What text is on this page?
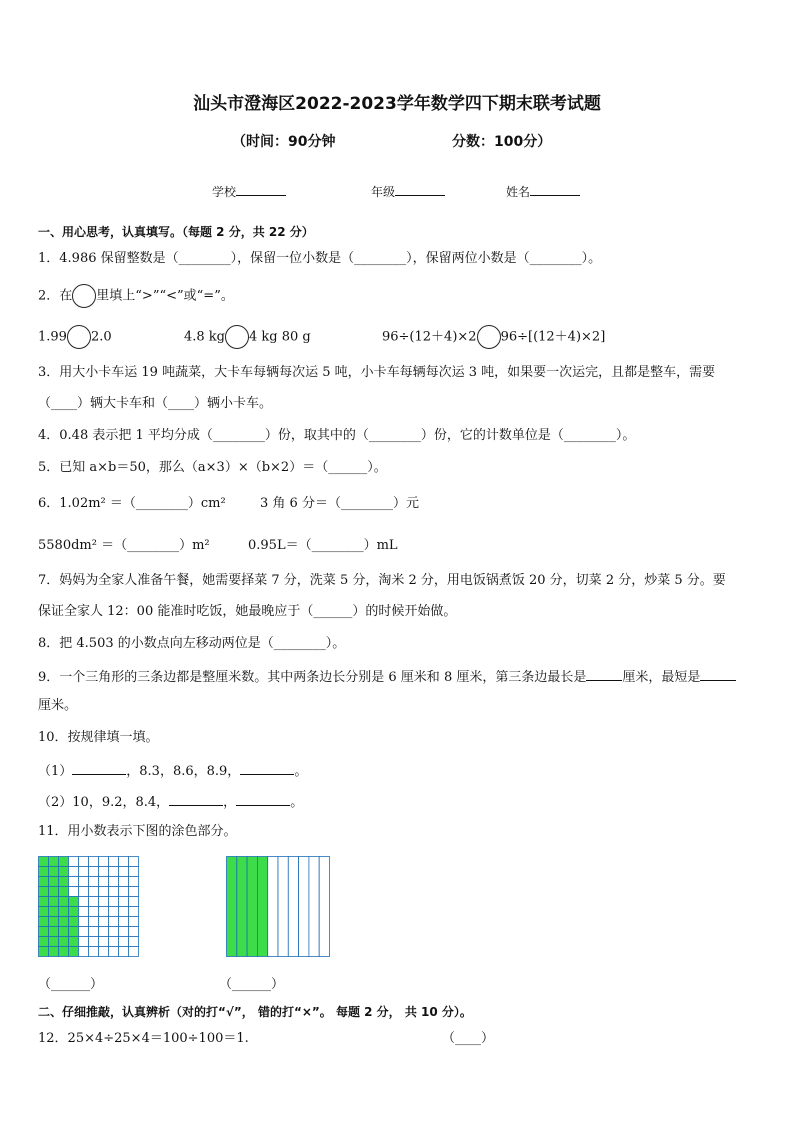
汕头市澄海区2022-2023学年数学四下期末联考试题
（时间：90分钟	分数：100分）
学校	年级	姓名
一、用心思考，认真填写。（每题 2 分，共 22 分）
1．4.986 保留整数是（________），保留一位小数是（________），保留两位小数是（________）。
2．在 里填上“>”“<”或“=”。
1.99 2.0	4.8 kg 4 kg 80 g	96÷(12＋4)×2 96÷[(12＋4)×2]
3．用大小卡车运 19 吨蔬菜，大卡车每辆每次运 5 吨，小卡车每辆每次运 3 吨，如果要一次运完，且都是整车，需要
（____）辆大卡车和（____）辆小卡车。
4．0.48 表示把 1 平均分成（________）份，取其中的（________）份，它的计数单位是（________）。
5．已知 a×b＝50，那么（a×3）×（b×2）＝（______）。
6．1.02m² ＝（________）cm²	3 角 6 分＝（________）元
5580dm² ＝（________）m²	0.95L＝（________）mL
7．妈妈为全家人准备午餐，她需要择菜 7 分，洗菜 5 分，淘米 2 分，用电饭锅煮饭 20 分，切菜 2 分，炒菜 5 分。要
保证全家人 12：00 能准时吃饭，她最晚应于（______）的时候开始做。
8．把 4.503 的小数点向左移动两位是（________）。
9．一个三角形的三条边都是整厘米数。其中两条边长分别是 6 厘米和 8 厘米，第三条边最长是	厘米，最短是
厘米。
10．按规律填一填。
（1）	，8.3，8.6，8.9，	。
（2）10，9.2，8.4，	，	。
11．用小数表示下图的涂色部分。
（______）	（______）
二、仔细推敲，认真辨析（对的打“√”， 错的打“×”。 每题 2 分， 共 10 分）。
12．25×4÷25×4＝100÷100＝1.	（____）
